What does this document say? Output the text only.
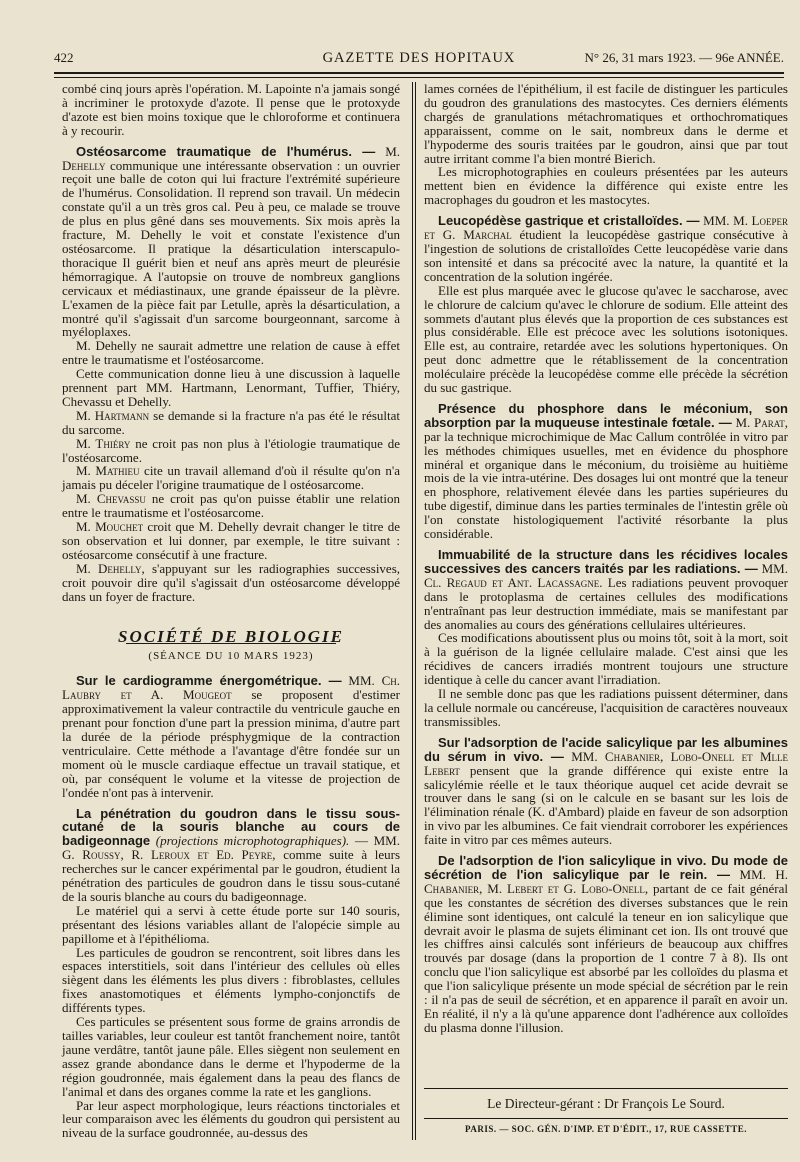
422	GAZETTE DES HOPITAUX	N° 26, 31 mars 1923. — 96e ANNÉE.

combé cinq jours après l'opération. M. Lapointe n'a jamais songé à incriminer le protoxyde d'azote. Il pense que le protoxyde d'azote est bien moins toxique que le chloroforme et continuera à y recourir.

Ostéosarcome traumatique de l'humérus. — M. Dehelly communique une intéressante observation : un ouvrier reçoit une balle de coton qui lui fracture l'extrémité supérieure de l'humérus. Consolidation. Il reprend son travail. Un médecin constate qu'il a un très gros cal. Peu à peu, ce malade se trouve de plus en plus gêné dans ses mouvements. Six mois après la fracture, M. Dehelly le voit et constate l'existence d'un ostéosarcome. Il pratique la désarticulation interscapulo-thoracique Il guérit bien et neuf ans après meurt de pleurésie hémorragique. A l'autopsie on trouve de nombreux ganglions cervicaux et médiastinaux, une grande épaisseur de la plèvre. L'examen de la pièce fait par Letulle, après la désarticulation, a montré qu'il s'agissait d'un sarcome bourgeonnant, sarcome à myéloplaxes.

M. Dehelly ne saurait admettre une relation de cause à effet entre le traumatisme et l'ostéosarcome.

Cette communication donne lieu à une discussion à laquelle prennent part MM. Hartmann, Lenormant, Tuffier, Thiéry, Chevassu et Dehelly.

M. Hartmann se demande si la fracture n'a pas été le résultat du sarcome.

M. Thiéry ne croit pas non plus à l'étiologie traumatique de l'ostéosarcome.

M. Mathieu cite un travail allemand d'où il résulte qu'on n'a jamais pu déceler l'origine traumatique de l ostéosarcome.

M. Chevassu ne croit pas qu'on puisse établir une relation entre le traumatisme et l'ostéosarcome.

M. Mouchet croit que M. Dehelly devrait changer le titre de son observation et lui donner, par exemple, le titre suivant : ostéosarcome consécutif à une fracture.

M. Dehelly, s'appuyant sur les radiographies successives, croit pouvoir dire qu'il s'agissait d'un ostéosarcome développé dans un foyer de fracture.

SOCIÉTÉ DE BIOLOGIE
(SÉANCE DU 10 MARS 1923)

Sur le cardiogramme énergométrique. — MM. Ch. Laubry et A. Mougeot se proposent d'estimer approximativement la valeur contractile du ventricule gauche en prenant pour fonction d'une part la pression minima, d'autre part la durée de la période présphygmique de la contraction ventriculaire. Cette méthode a l'avantage d'être fondée sur un moment où le muscle cardiaque effectue un travail statique, et où, par conséquent le volume et la vitesse de projection de l'ondée n'ont pas à intervenir.

La pénétration du goudron dans le tissu sous-cutané de la souris blanche au cours de badigeonnage (projections microphotographiques). — MM. G. Roussy, R. Leroux et Ed. Peyre, comme suite à leurs recherches sur le cancer expérimental par le goudron, étudient la pénétration des particules de goudron dans le tissu sous-cutané de la souris blanche au cours du badigeonnage.

Le matériel qui a servi à cette étude porte sur 140 souris, présentant des lésions variables allant de l'alopécie simple au papillome et à l'épithélioma.

Les particules de goudron se rencontrent, soit libres dans les espaces interstitiels, soit dans l'intérieur des cellules où elles siègent dans les éléments les plus divers : fibroblastes, cellules fixes anastomotiques et éléments lympho-conjonctifs de différents types.

Ces particules se présentent sous forme de grains arrondis de tailles variables, leur couleur est tantôt franchement noire, tantôt jaune verdâtre, tantôt jaune pâle. Elles siègent non seulement en assez grande abondance dans le derme et l'hypoderme de la région goudronnée, mais également dans la peau des flancs de l'animal et dans des organes comme la rate et les ganglions.

Par leur aspect morphologique, leurs réactions tinctoriales et leur comparaison avec les éléments du goudron qui persistent au niveau de la surface goudronnée, au-dessus des

lames cornées de l'épithélium, il est facile de distinguer les particules du goudron des granulations des mastocytes. Ces derniers éléments chargés de granulations métachromatiques et orthochromatiques apparaissent, comme on le sait, nombreux dans le derme et l'hypoderme des souris traitées par le goudron, ainsi que par tout autre irritant comme l'a bien montré Bierich.

Les microphotographies en couleurs présentées par les auteurs mettent bien en évidence la différence qui existe entre les macrophages du goudron et les mastocytes.

Leucopédèse gastrique et cristalloïdes. — MM. M. Loeper et G. Marchal étudient la leucopédèse gastrique consécutive à l'ingestion de solutions de cristalloïdes Cette leucopédèse varie dans son intensité et dans sa précocité avec la nature, la quantité et la concentration de la solution ingérée.

Elle est plus marquée avec le glucose qu'avec le saccharose, avec le chlorure de calcium qu'avec le chlorure de sodium. Elle atteint des sommets d'autant plus élevés que la proportion de ces substances est plus considérable. Elle est précoce avec les solutions isotoniques. Elle est, au contraire, retardée avec les solutions hypertoniques. On peut donc admettre que le rétablissement de la concentration moléculaire précède la leucopédèse comme elle précède la sécrétion du suc gastrique.

Présence du phosphore dans le méconium, son absorption par la muqueuse intestinale fœtale. — M. Parat, par la technique microchimique de Mac Callum contrôlée in vitro par les méthodes chimiques usuelles, met en évidence du phosphore minéral et organique dans le méconium, du troisième au huitième mois de la vie intra-utérine. Des dosages lui ont montré que la teneur en phosphore, relativement élevée dans les parties supérieures du tube digestif, diminue dans les parties terminales de l'intestin grêle où l'on constate histologiquement l'activité résorbante la plus considérable.

Immuabilité de la structure dans les récidives locales successives des cancers traités par les radiations. — MM. Cl. Regaud et Ant. Lacassagne. Les radiations peuvent provoquer dans le protoplasma de certaines cellules des modifications n'entraînant pas leur destruction immédiate, mais se manifestant par des anomalies au cours des générations cellulaires ultérieures.

Ces modifications aboutissent plus ou moins tôt, soit à la mort, soit à la guérison de la lignée cellulaire malade. C'est ainsi que les récidives de cancers irradiés montrent toujours une structure identique à celle du cancer avant l'irradiation.

Il ne semble donc pas que les radiations puissent déterminer, dans la cellule normale ou cancéreuse, l'acquisition de caractères nouveaux transmissibles.

Sur l'adsorption de l'acide salicylique par les albumines du sérum in vivo. — MM. Chabanier, Lobo-Onell et Mlle Lebert pensent que la grande différence qui existe entre la salicylémie réelle et le taux théorique auquel cet acide devrait se trouver dans le sang (si on le calcule en se basant sur les lois de l'élimination rénale (K. d'Ambard) plaide en faveur de son adsorption in vivo par les albumines. Ce fait viendrait corroborer les expériences faite in vitro par ces mêmes auteurs.

De l'adsorption de l'ion salicylique in vivo. Du mode de sécrétion de l'ion salicylique par le rein. — MM. H. Chabanier, M. Lebert et G. Lobo-Onell, partant de ce fait général que les constantes de sécrétion des diverses substances que le rein élimine sont identiques, ont calculé la teneur en ion salicylique que devrait avoir le plasma de sujets éliminant cet ion. Ils ont trouvé que les chiffres ainsi calculés sont inférieurs de beaucoup aux chiffres trouvés par dosage (dans la proportion de 1 contre 7 à 8). Ils ont conclu que l'ion salicylique est absorbé par les colloïdes du plasma et que l'ion salicylique présente un mode spécial de sécrétion par le rein : il n'a pas de seuil de sécrétion, et en apparence il paraît en avoir un. En réalité, il n'y a là qu'une apparence dont l'adhérence aux colloïdes du plasma donne l'illusion.

Le Directeur-gérant : Dr François Le Sourd.
PARIS. — SOC. GÉN. D'IMP. ET D'ÉDIT., 17, RUE CASSETTE.
